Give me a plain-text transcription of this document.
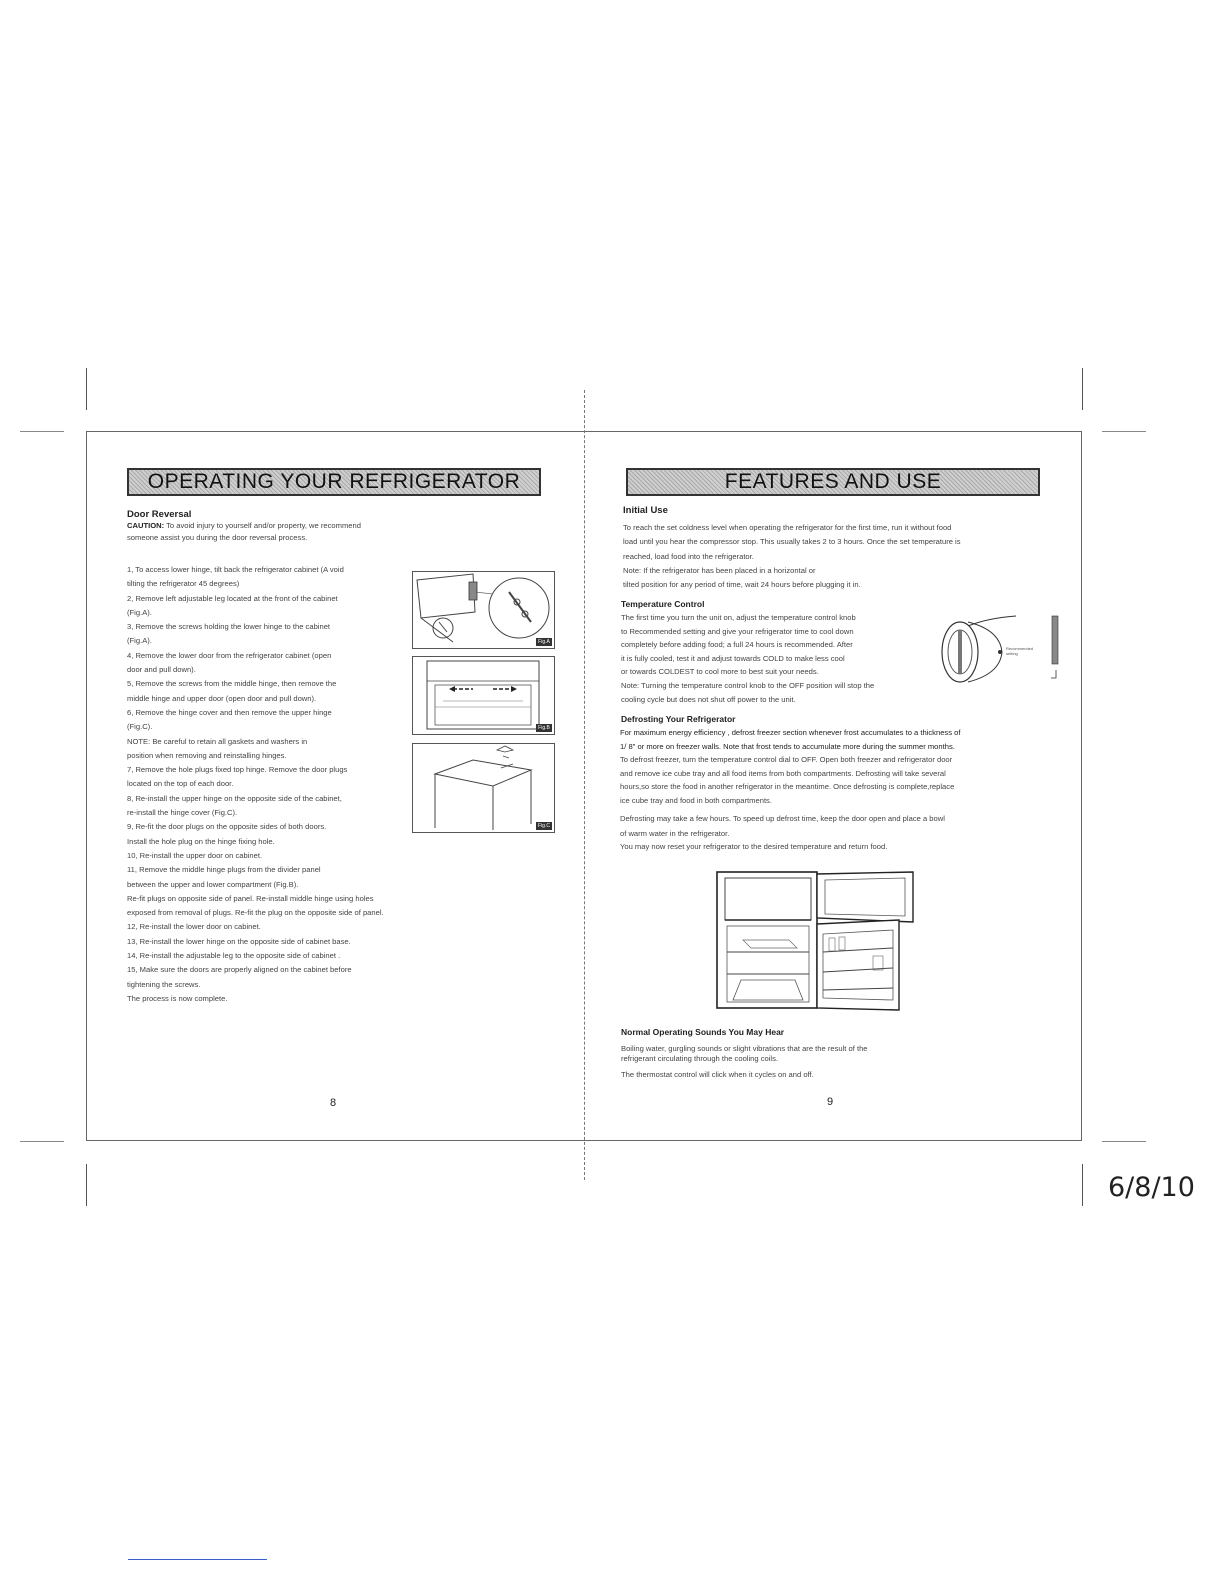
OPERATING YOUR REFRIGERATOR
Door Reversal
CAUTION: To avoid injury to yourself and/or property, we recommend
someone assist you during the door reversal process.
1, To access lower hinge, tilt back the refrigerator cabinet (A void
tilting the refrigerator 45 degrees)
2, Remove left adjustable leg located at the front of the cabinet
(Fig.A).
3, Remove the screws holding the lower hinge to the cabinet
(Fig.A).
4, Remove the lower door from the refrigerator cabinet (open
door and pull down).
5, Remove the screws from the middle hinge, then remove the
middle hinge and upper door (open door and pull down).
6, Remove the hinge cover and then remove the upper hinge
(Fig.C).
NOTE: Be careful to retain all gaskets and washers in
position when removing and reinstalling hinges.
7, Remove the hole plugs fixed top hinge. Remove the door plugs
located on the top of each door.
8, Re-install the upper hinge on the opposite side of the cabinet,
re-install the hinge cover (Fig.C).
9, Re-fit the door plugs on the opposite sides of both doors.
Install the hole plug on the hinge fixing hole.
10, Re-install the upper door on cabinet.
11, Remove the middle hinge plugs from the divider panel
between the upper and lower compartment (Fig.B).
Re-fit plugs on opposite side of panel. Re-install middle hinge using holes
exposed from removal of plugs. Re-fit the plug on the opposite side of panel.
12, Re-install the lower door on cabinet.
13, Re-install the lower hinge on the opposite side of cabinet base.
14, Re-install the adjustable leg to the opposite side of cabinet .
15, Make sure the doors are properly aligned on the cabinet before
tightening the screws.
The process is now complete.
Fig.A
Fig.B
Fig.C
8
FEATURES AND USE
Initial Use
To reach the set coldness level when operating the refrigerator for the first time, run it without food
load until you hear the compressor stop. This usually takes 2 to 3 hours. Once the set temperature is
reached, load food into the refrigerator.
Note: If the refrigerator has been placed in a horizontal or
tilted position for any period of time, wait 24 hours before plugging it in.
Temperature Control
The first time you turn the unit on, adjust the temperature control knob
to Recommended setting and give your refrigerator time to cool down
completely before adding food; a full 24 hours is recommended. After
it is fully cooled, test it and adjust towards COLD to make less cool
or towards COLDEST to cool more to best suit your needs.
Note: Turning the temperature control knob to the OFF position will stop the
cooling cycle but does not shut off power to the unit.
Recommended setting
Defrosting Your Refrigerator
For maximum energy efficiency , defrost freezer section whenever frost accumulates to a thickness of
1/ 8" or more on freezer walls. Note that frost tends to accumulate more during the summer months.
To defrost freezer, turn the temperature control dial to OFF. Open both freezer and refrigerator door
and remove ice cube tray and all food items from both compartments. Defrosting will take several
hours,so store the food in another refrigerator in the meantime. Once defrosting is complete,replace
ice cube tray and food in both compartments.
Defrosting may take a few hours. To speed up defrost time, keep the door open and place a bowl
of warm water in the refrigerator.
You may now reset your refrigerator to the desired temperature and return food.
Normal Operating Sounds You May Hear
Boiling water, gurgling sounds or slight vibrations that are the result of the
refrigerant circulating through the cooling coils.
The thermostat control will click when it cycles on and off.
9
6/8/10
